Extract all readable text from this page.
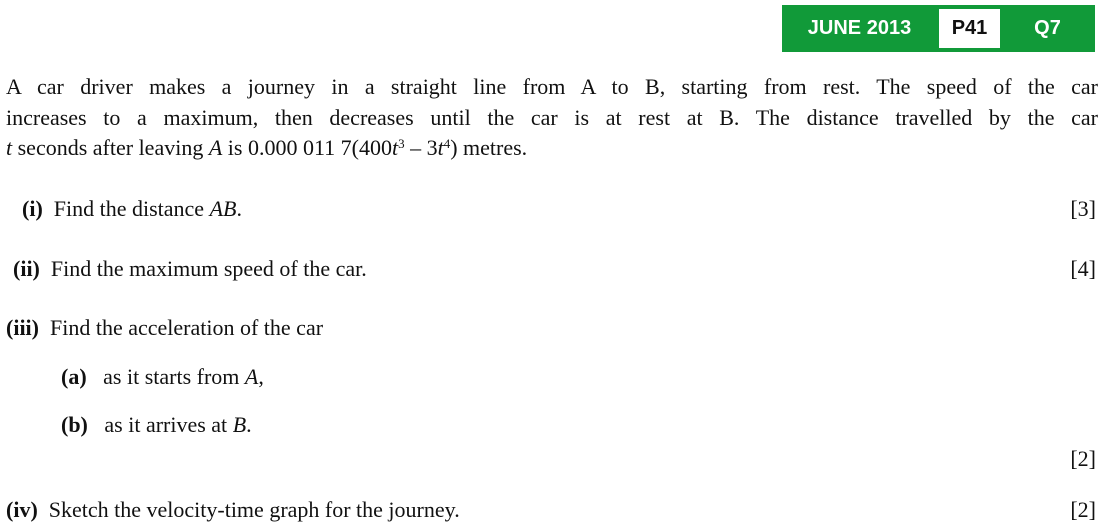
JUNE 2013	P41	Q7
A car driver makes a journey in a straight line from A to B, starting from rest. The speed of the car
increases to a maximum, then decreases until the car is at rest at B. The distance travelled by the car
t seconds after leaving A is 0.000 011 $7(400t^3 - 3t^4)$ metres.
(i) Find the distance AB.	[3]
(ii) Find the maximum speed of the car.	[4]
(iii) Find the acceleration of the car
(a) as it starts from A,
(b) as it arrives at B.
[2]
(iv) Sketch the velocity-time graph for the journey.	[2]
